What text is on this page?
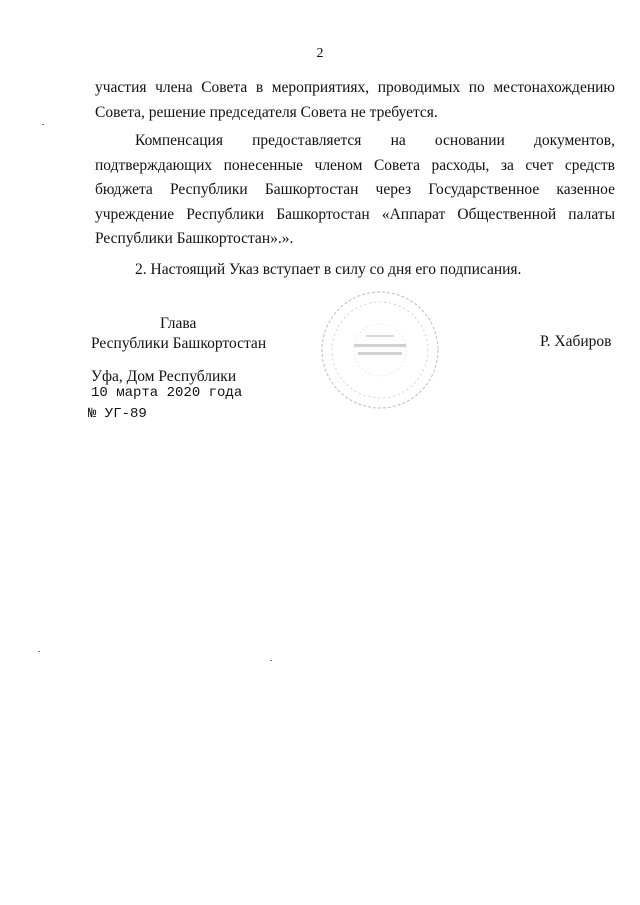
2
участия члена Совета в мероприятиях, проводимых по местонахождению Совета, решение председателя Совета не требуется.
Компенсация предоставляется на основании документов, подтверждающих понесенные членом Совета расходы, за счет средств бюджета Республики Башкортостан через Государственное казенное учреждение Республики Башкортостан «Аппарат Общественной палаты Республики Башкортостан».».
2. Настоящий Указ вступает в силу со дня его подписания.
Глава
Республики Башкортостан	Р. Хабиров
Уфа, Дом Республики
10 марта 2020 года
№ УГ-89
